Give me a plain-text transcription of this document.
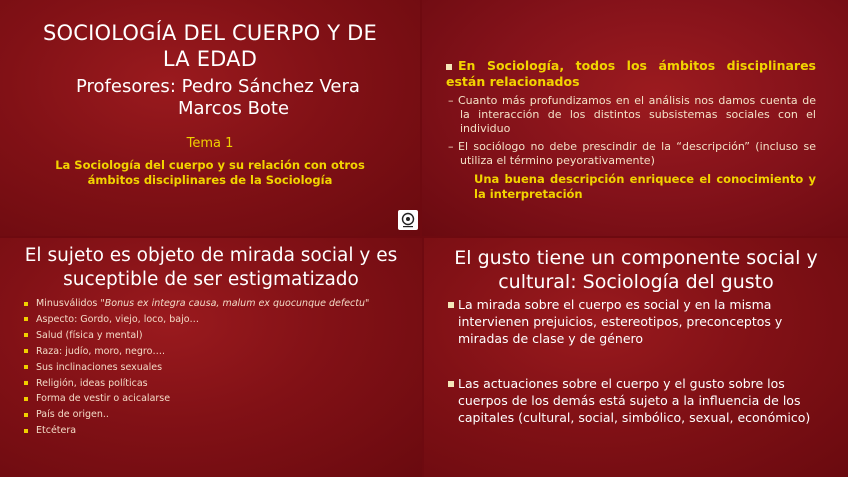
SOCIOLOGÍA DEL CUERPO Y DE
LA EDAD
Profesores: Pedro Sánchez Vera
Marcos Bote
Tema 1
La Sociología del cuerpo y su relación con otros
ámbitos disciplinares de la Sociología
En Sociología, todos los ámbitos disciplinares están relacionados
– Cuanto más profundizamos en el análisis nos damos cuenta de la interacción de los distintos subsistemas sociales con el individuo
– El sociólogo no debe prescindir de la “descripción” (incluso se utiliza el término peyorativamente)
Una buena descripción enriquece el conocimiento y la interpretación
El sujeto es objeto de mirada social y es suceptible de ser estigmatizado
Minusválidos "Bonus ex integra causa, malum ex quocunque defectu"
Aspecto: Gordo, viejo, loco, bajo…
Salud (física y mental)
Raza: judío, moro, negro….
Sus inclinaciones sexuales
Religión, ideas políticas
Forma de vestir o acicalarse
País de origen..
Etcétera
El gusto tiene un componente social y cultural: Sociología del gusto
La mirada sobre el cuerpo es social y en la misma intervienen prejuicios, estereotipos, preconceptos y miradas de clase y de género
Las actuaciones sobre el cuerpo y el gusto sobre los cuerpos de los demás está sujeto a la influencia de los capitales (cultural, social, simbólico, sexual, económico)
